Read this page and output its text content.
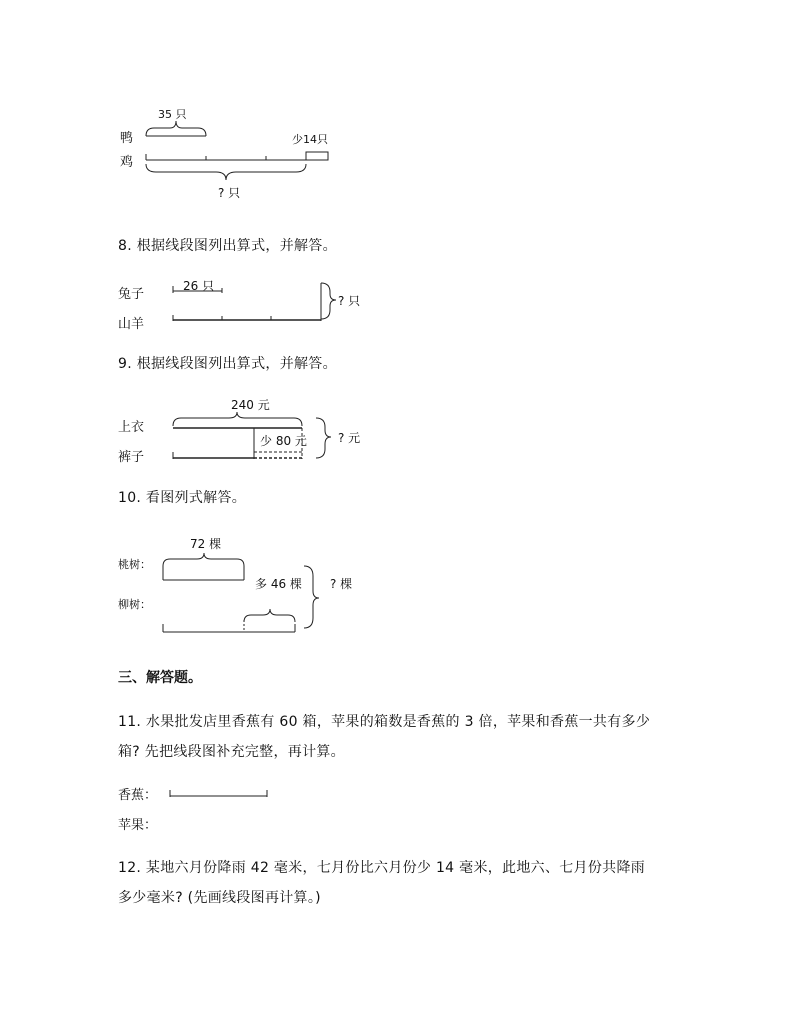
35 只
鸭
鸡
少14只
? 只
8. 根据线段图列出算式，并解答。
26 只
兔子
山羊
? 只
9. 根据线段图列出算式，并解答。
240 元
上衣
裤子
少 80 元	? 元
10. 看图列式解答。
72 棵
桃树：
柳树：
多 46 棵 ? 棵
三、解答题。
11. 水果批发店里香蕉有 60 箱，苹果的箱数是香蕉的 3 倍，苹果和香蕉一共有多少
箱? 先把线段图补充完整，再计算。
香蕉：
苹果：
12. 某地六月份降雨 42 毫米，七月份比六月份少 14 毫米，此地六、七月份共降雨
多少毫米? (先画线段图再计算。)
